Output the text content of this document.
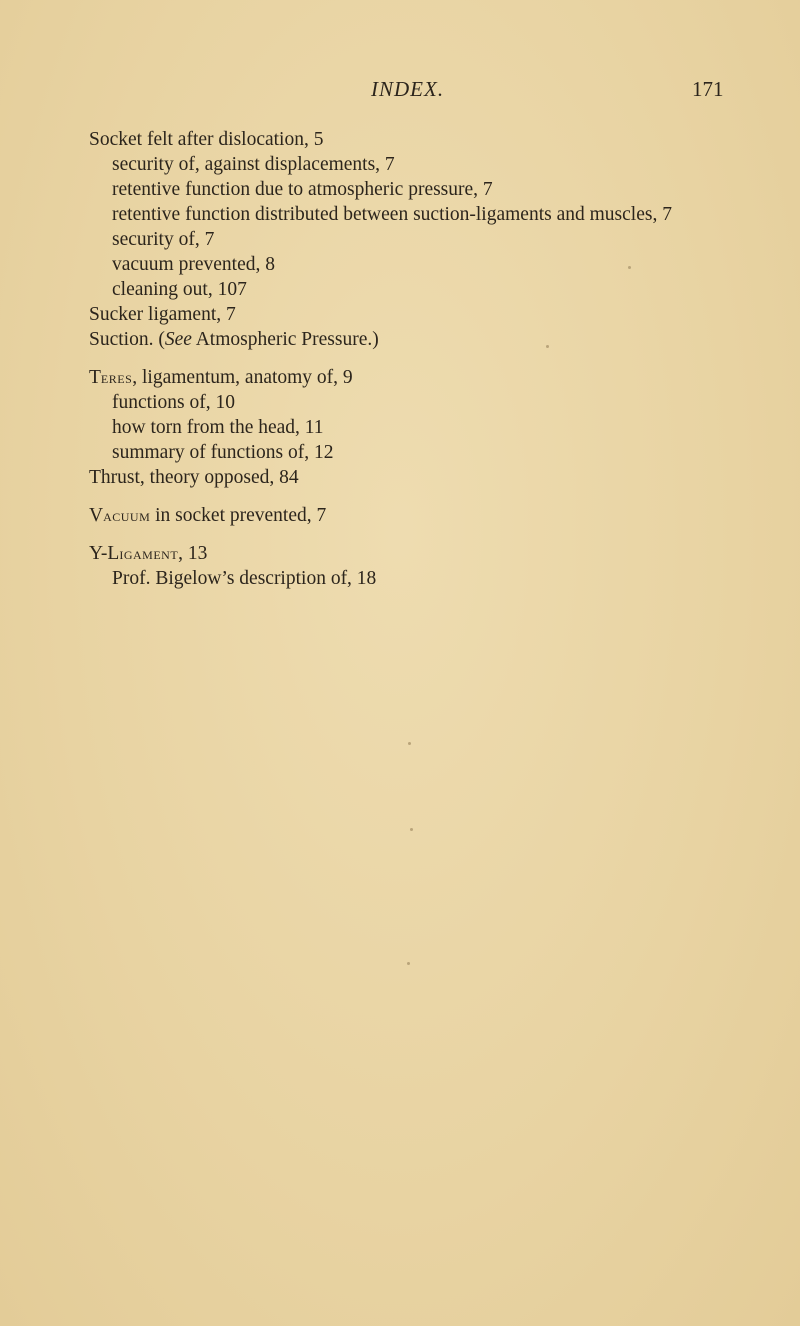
INDEX.	171
Socket felt after dislocation, 5
security of, against displacements, 7
retentive function due to atmospheric pressure, 7
retentive function distributed between suction-ligaments and muscles, 7
security of, 7
vacuum prevented, 8
cleaning out, 107
Sucker ligament, 7
Suction. (See Atmospheric Pressure.)
Teres, ligamentum, anatomy of, 9
functions of, 10
how torn from the head, 11
summary of functions of, 12
Thrust, theory opposed, 84
Vacuum in socket prevented, 7
Y-Ligament, 13
Prof. Bigelow’s description of, 18
